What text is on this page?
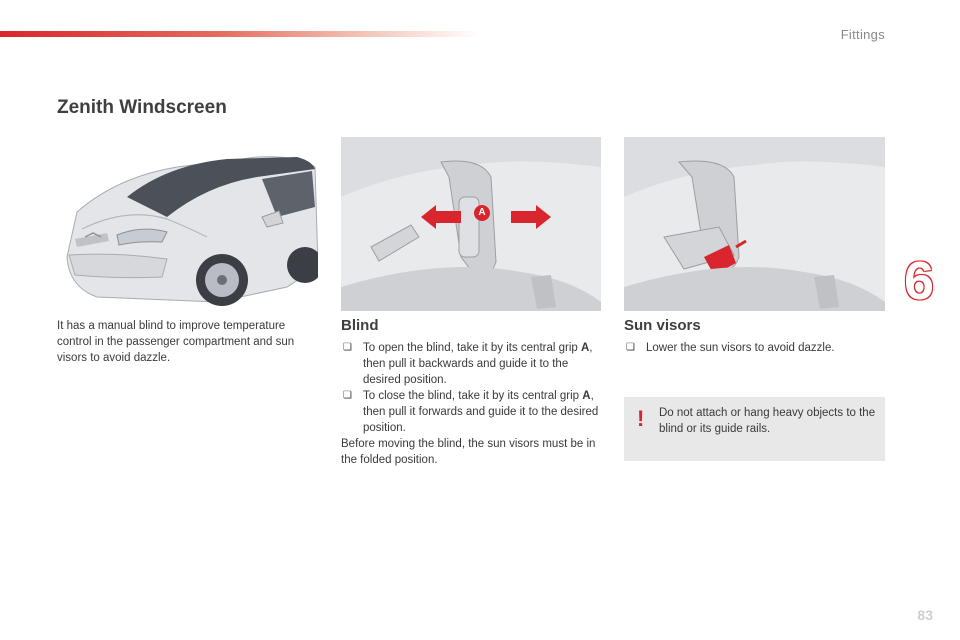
Fittings
Zenith Windscreen
A

It has a manual blind to improve temperature control in the passenger compartment and sun visors to avoid dazzle.

Blind
❏ To open the blind, take it by its central grip A, then pull it backwards and guide it to the desired position.
❏ To close the blind, take it by its central grip A, then pull it forwards and guide it to the desired position.

Before moving the blind, the sun visors must be in the folded position.

Sun visors
❏ Lower the sun visors to avoid dazzle.
! Do not attach or hang heavy objects to the blind or its guide rails.

6
83
